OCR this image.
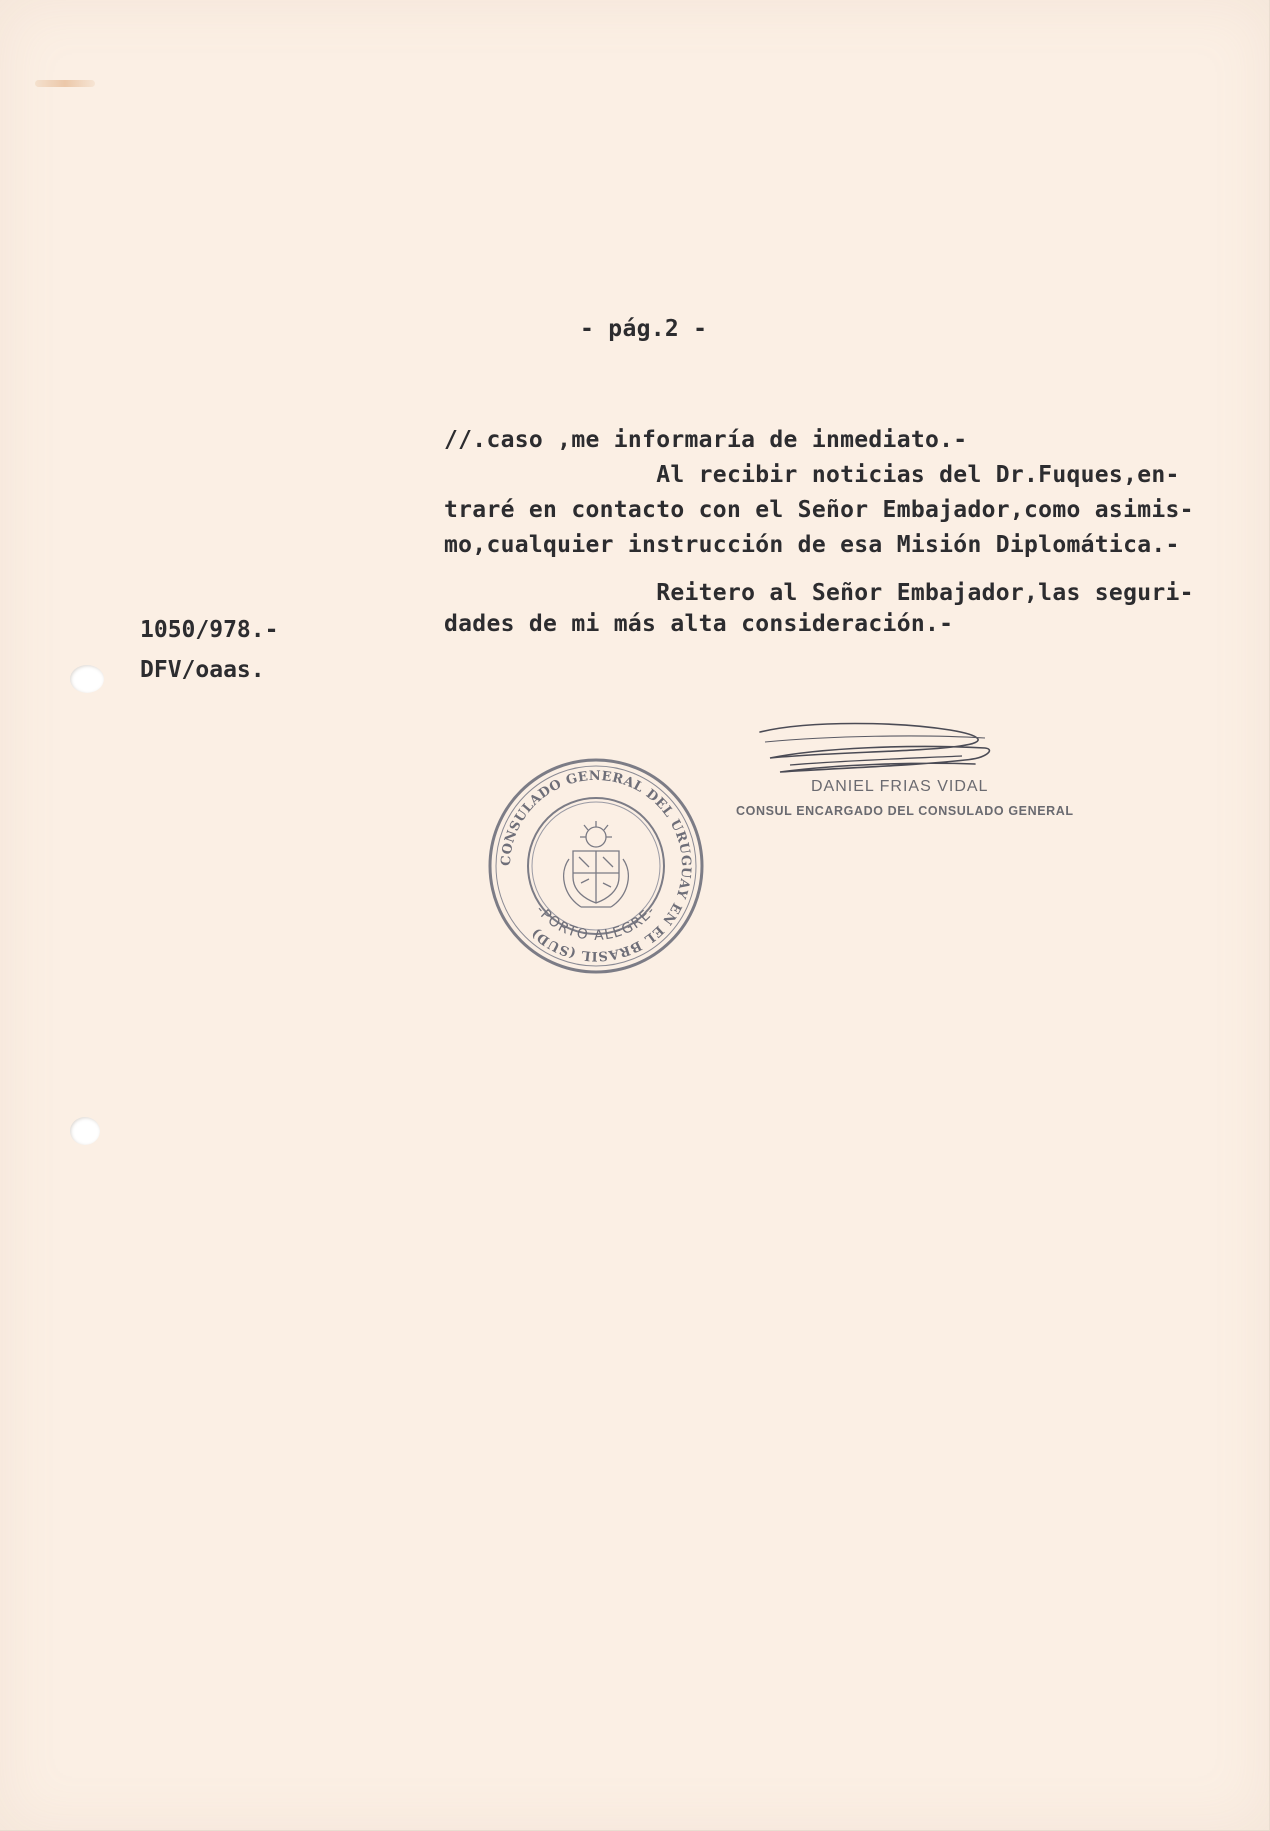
- pág.2 -
//.caso ,me informaría de inmediato.-
Al recibir noticias del Dr.Fuques,en-
traré en contacto con el Señor Embajador,como asimis-
mo,cualquier instrucción de esa Misión Diplomática.-
Reitero al Señor Embajador,las seguri-
dades de mi más alta consideración.-
1050/978.-
DFV/oaas.
DANIEL FRIAS VIDAL
CONSUL ENCARGADO DEL CONSULADO GENERAL
CONSULADO GENERAL DEL URUGUAY EN EL BRASIL (SUD)
-PORTO ALEGRE-
